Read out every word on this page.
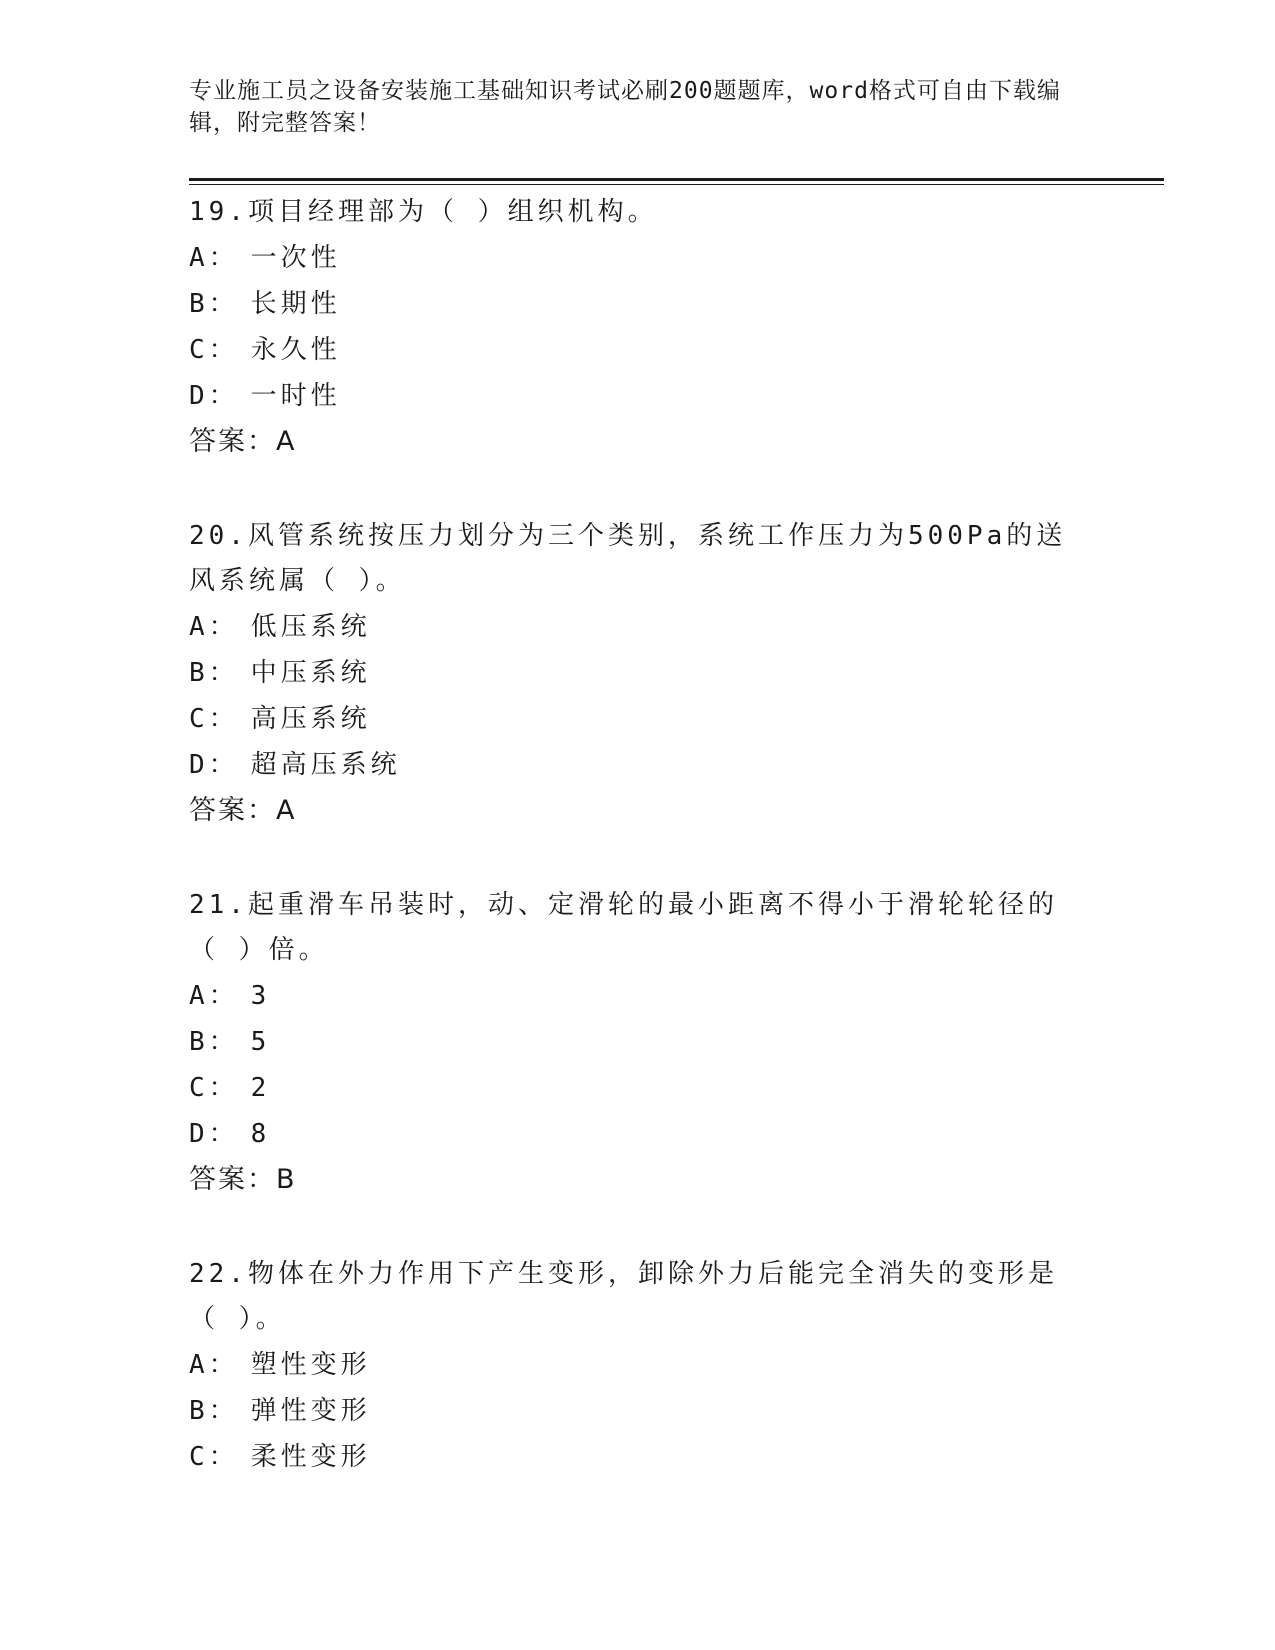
专业施工员之设备安装施工基础知识考试必刷200题题库，word格式可自由下载编辑，附完整答案！
19.项目经理部为（ ）组织机构。
A： 一次性
B： 长期性
C： 永久性
D： 一时性
答案：A
20.风管系统按压力划分为三个类别，系统工作压力为500Pa的送风系统属（ ）。
A： 低压系统
B： 中压系统
C： 高压系统
D： 超高压系统
答案：A
21.起重滑车吊装时，动、定滑轮的最小距离不得小于滑轮轮径的（ ）倍。
A： 3
B： 5
C： 2
D： 8
答案：B
22.物体在外力作用下产生变形，卸除外力后能完全消失的变形是（ ）。
A： 塑性变形
B： 弹性变形
C： 柔性变形
